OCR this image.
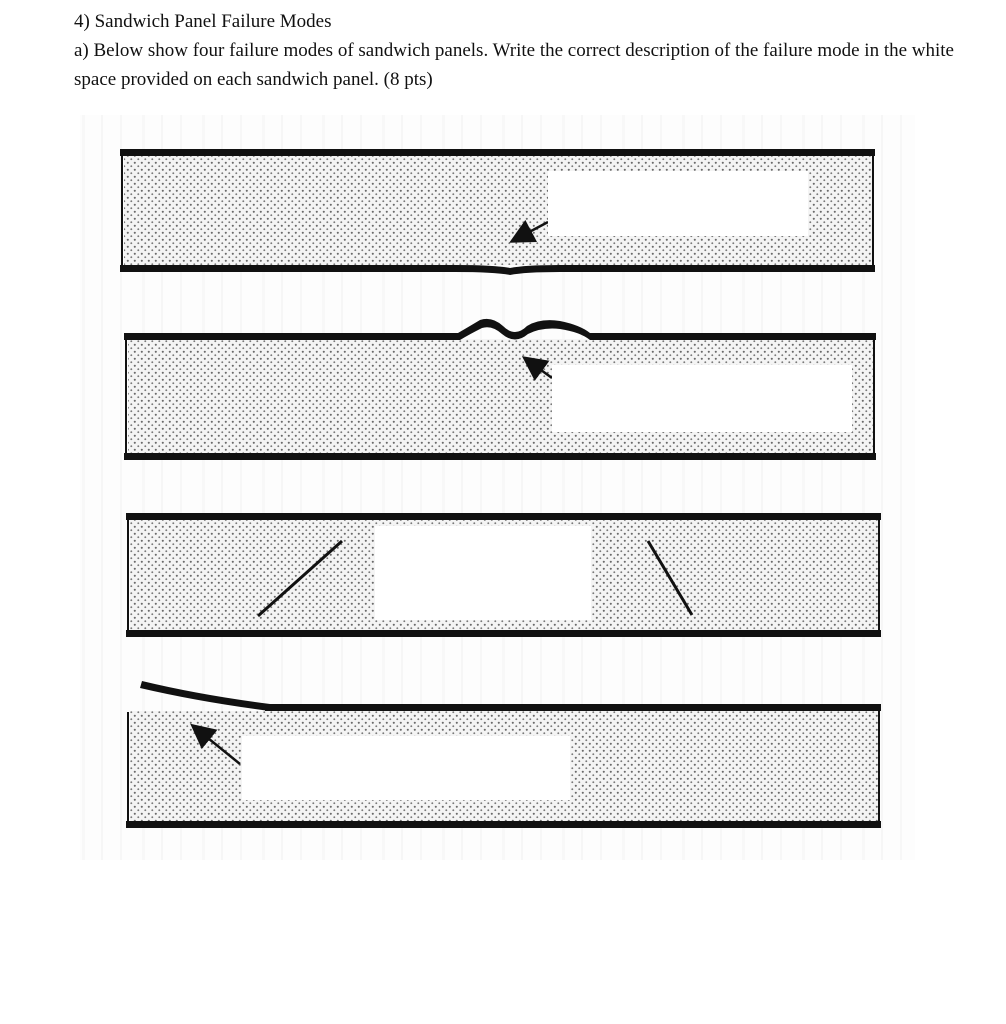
4) Sandwich Panel Failure Modes

a) Below show four failure modes of sandwich panels. Write the correct description of the failure mode in the white space provided on each sandwich panel. (8 pts)
